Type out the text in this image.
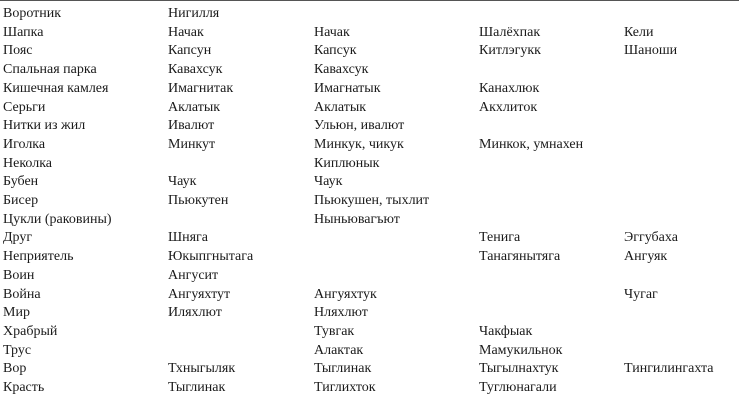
Воротник	Нигилля			
Шапка	Начак	Начак	Шалёхпак	Кели
Пояс	Капсун	Капсук	Китлэгукк	Шаноши
Спальная парка	Кавахсук	Кавахсук		
Кишечная камлея	Имагнитак	Имагнатык	Канахлюк	
Серьги	Аклатык	Аклатык	Акхлиток	
Нитки из жил	Ивалют	Ульюн, ивалют		
Иголка	Минкут	Минкук, чикук	Минкок, умнахен	
Неколка		Киплюнык		
Бубен	Чаук	Чаук		
Бисер	Пьюкутен	Пьюкушен, тыхлит		
Цукли (раковины)		Ныньювагъют		
Друг	Шняга		Тенига	Эггубаха
Неприятель	Юкыпгнытага		Танагянытяга	Ангуяк
Воин	Ангусит			
Война	Ангуяхтут	Ангуяхтук		Чугаг
Мир	Иляхлют	Нляхлют		
Храбрый		Тувгак	Чакфыак	
Трус		Алактак	Мамукильнок	
Вор	Тхныгыляк	Тыглинак	Тыгылнахтук	Тингилингахта
Красть	Тыглинак	Тиглихток	Туглюнагали	
